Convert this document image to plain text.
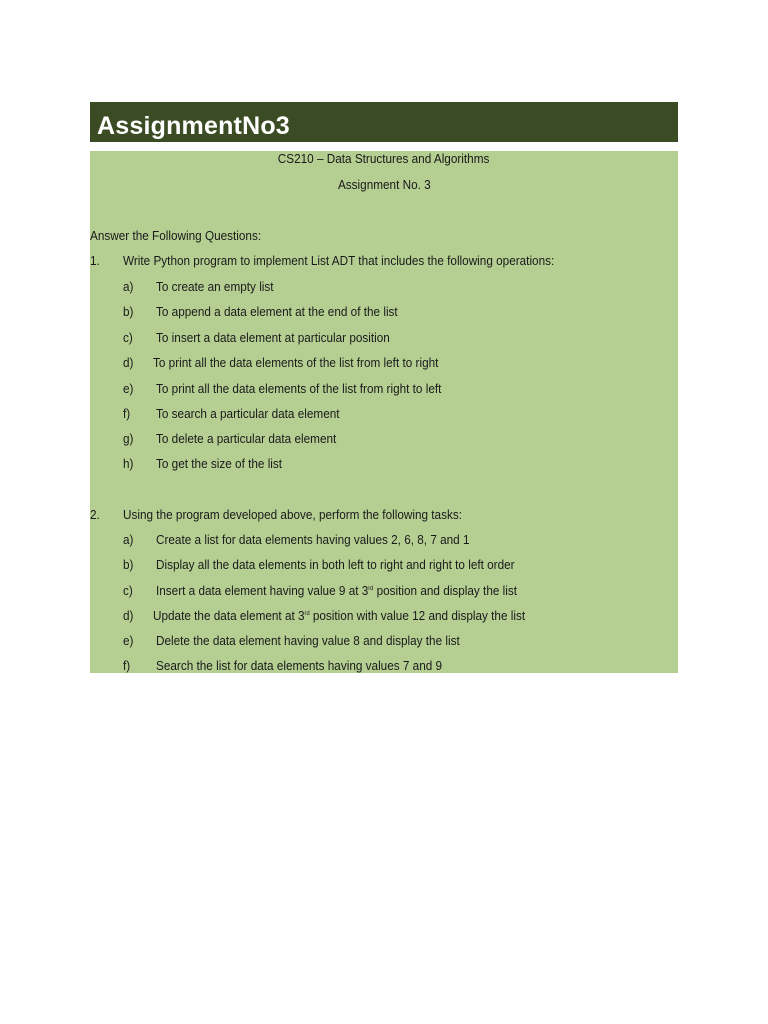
AssignmentNo3
CS210 – Data Structures and Algorithms
Assignment No. 3
Answer the Following Questions:
1. Write Python program to implement List ADT that includes the following operations:
a) To create an empty list
b) To append a data element at the end of the list
c) To insert a data element at particular position
d) To print all the data elements of the list from left to right
e) To print all the data elements of the list from right to left
f) To search a particular data element
g) To delete a particular data element
h) To get the size of the list
2. Using the program developed above, perform the following tasks:
a) Create a list for data elements having values 2, 6, 8, 7 and 1
b) Display all the data elements in both left to right and right to left order
c) Insert a data element having value 9 at 3rd position and display the list
d) Update the data element at 3rd position with value 12 and display the list
e) Delete the data element having value 8 and display the list
f) Search the list for data elements having values 7 and 9
